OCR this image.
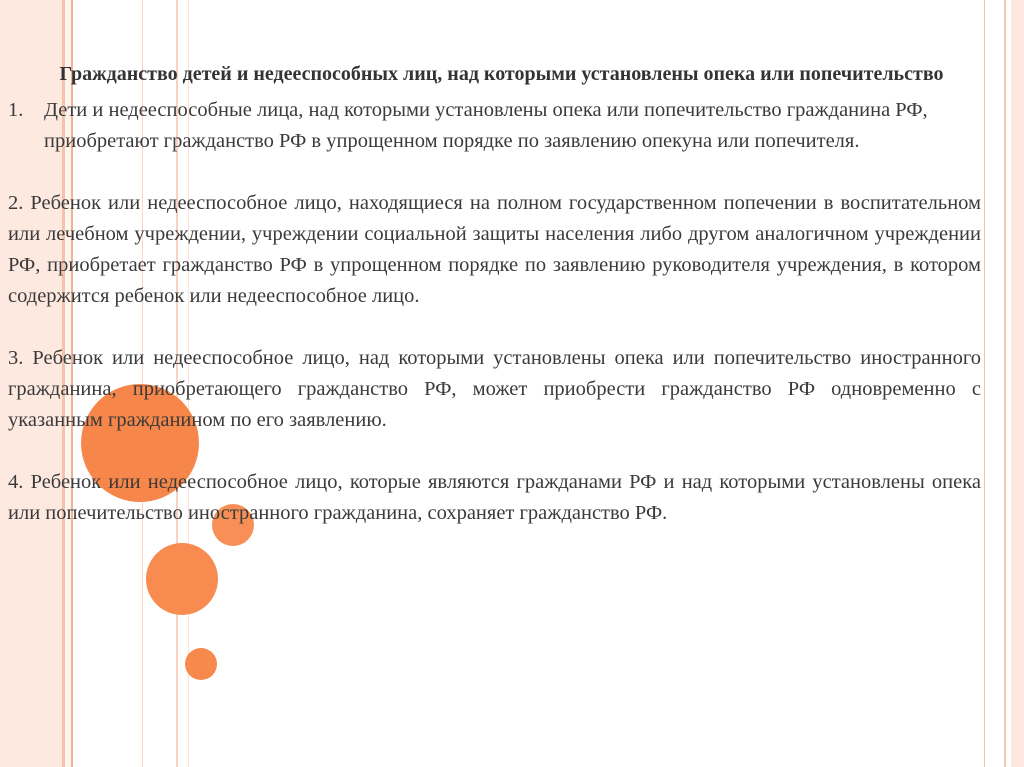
Гражданство детей и недееспособных лиц, над которыми установлены опека или попечительство

1. Дети и недееспособные лица, над которыми установлены опека или попечительство гражданина РФ, приобретают гражданство РФ в упрощенном порядке по заявлению опекуна или попечителя.

2. Ребенок или недееспособное лицо, находящиеся на полном государственном попечении в воспитательном или лечебном учреждении, учреждении социальной защиты населения либо другом аналогичном учреждении РФ, приобретает гражданство РФ в упрощенном порядке по заявлению руководителя учреждения, в котором содержится ребенок или недееспособное лицо.

3. Ребенок или недееспособное лицо, над которыми установлены опека или попечительство иностранного гражданина, приобретающего гражданство РФ, может приобрести гражданство РФ одновременно с указанным гражданином по его заявлению.

4. Ребенок или недееспособное лицо, которые являются гражданами РФ и над которыми установлены опека или попечительство иностранного гражданина, сохраняет гражданство РФ.
